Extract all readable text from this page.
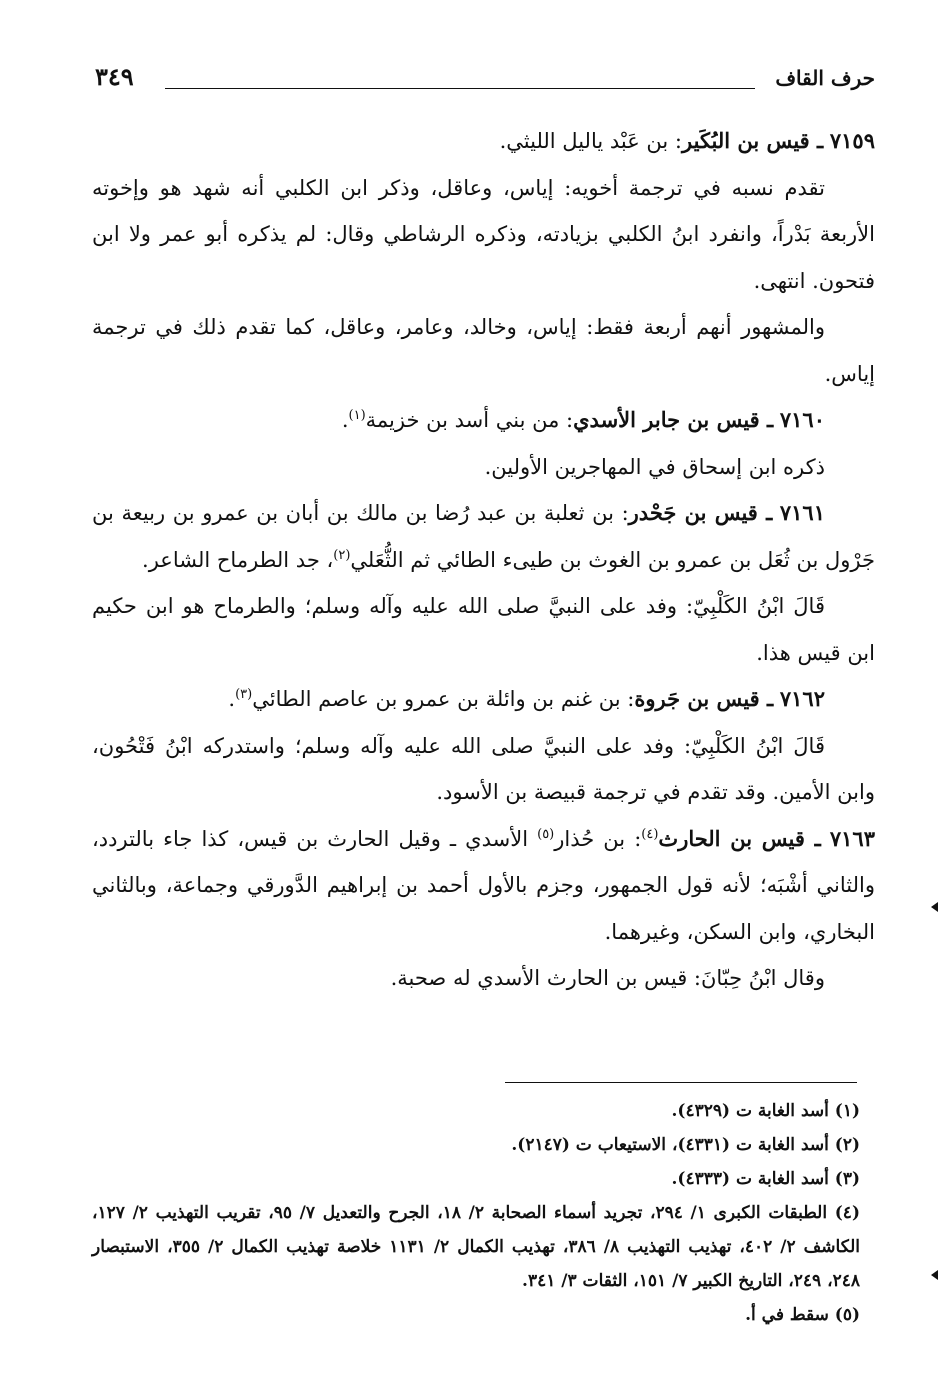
٣٤٩	حرف القاف

٧١٥٩ ـ قيس بن البُكَير: بن عَبْد ياليل الليثي.

تقدم نسبه في ترجمة أخويه: إياس، وعاقل، وذكر ابن الكلبي أنه شهد هو وإخوته الأربعة بَدْراً، وانفرد ابنُ الكلبي بزيادته، وذكره الرشاطي وقال: لم يذكره أبو عمر ولا ابن فتحون. انتهى.

والمشهور أنهم أربعة فقط: إياس، وخالد، وعامر، وعاقل، كما تقدم ذلك في ترجمة إياس.

٧١٦٠ ـ قيس بن جابر الأسدي: من بني أسد بن خزيمة$^{(١)}$.

ذكره ابن إسحاق في المهاجرين الأولين.

٧١٦١ ـ قيس بن جَحْدر: بن ثعلبة بن عبد رُضا بن مالك بن أبان بن عمرو بن ربيعة بن جَرْول بن ثُعَل بن عمرو بن الغوث بن طيىء الطائي ثم الثُّعَلي$^{(٢)}$، جد الطرماح الشاعر.

قَالَ ابْنُ الكَلْبِيّ: وفد على النبيَّ صلى الله عليه وآله وسلم؛ والطرماح هو ابن حكيم ابن قيس هذا.

٧١٦٢ ـ قيس بن جَروة: بن غنم بن وائلة بن عمرو بن عاصم الطائي$^{(٣)}$.

قَالَ ابْنُ الكَلْبِيّ: وفد على النبيَّ صلى الله عليه وآله وسلم؛ واستدركه ابْنُ فَتْحُون، وابن الأمين. وقد تقدم في ترجمة قبيصة بن الأسود.

٧١٦٣ ـ قيس بن الحارث$^{(٤)}$: بن حُذار$^{(٥)}$ الأسدي ـ وقيل الحارث بن قيس، كذا جاء بالتردد، والثاني أشْبَه؛ لأنه قول الجمهور، وجزم بالأول أحمد بن إبراهيم الدَّورقي وجماعة، وبالثاني البخاري، وابن السكن، وغيرهما.

وقال ابْنُ حِبّانَ: قيس بن الحارث الأسدي له صحبة.

(١) أسد الغابة ت (٤٣٢٩).

(٢) أسد الغابة ت (٤٣٣١)، الاستيعاب ت (٢١٤٧).

(٣) أسد الغابة ت (٤٣٣٣).

(٤) الطبقات الكبرى ١/ ٢٩٤، تجريد أسماء الصحابة ٢/ ١٨، الجرح والتعديل ٧/ ٩٥، تقريب التهذيب ٢/ ١٢٧، الكاشف ٢/ ٤٠٢، تهذيب التهذيب ٨/ ٣٨٦، تهذيب الكمال ٢/ ١١٣١ خلاصة تهذيب الكمال ٢/ ٣٥٥، الاستبصار ٢٤٨، ٢٤٩، التاريخ الكبير ٧/ ١٥١، الثقات ٣/ ٣٤١.

(٥) سقط في أ.
